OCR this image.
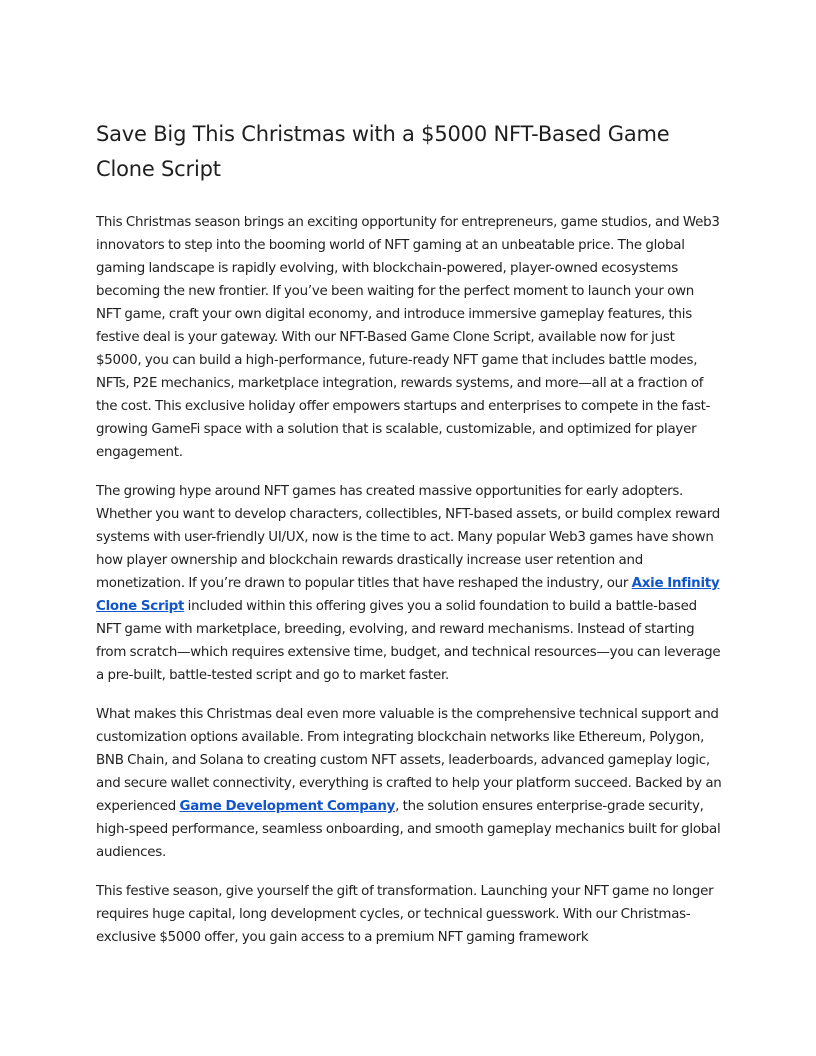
Save Big This Christmas with a $5000 NFT-Based Game Clone Script

This Christmas season brings an exciting opportunity for entrepreneurs, game studios, and Web3 innovators to step into the booming world of NFT gaming at an unbeatable price. The global gaming landscape is rapidly evolving, with blockchain-powered, player-owned ecosystems becoming the new frontier. If you’ve been waiting for the perfect moment to launch your own NFT game, craft your own digital economy, and introduce immersive gameplay features, this festive deal is your gateway. With our NFT-Based Game Clone Script, available now for just $5000, you can build a high-performance, future-ready NFT game that includes battle modes, NFTs, P2E mechanics, marketplace integration, rewards systems, and more—all at a fraction of the cost. This exclusive holiday offer empowers startups and enterprises to compete in the fast-growing GameFi space with a solution that is scalable, customizable, and optimized for player engagement.

The growing hype around NFT games has created massive opportunities for early adopters. Whether you want to develop characters, collectibles, NFT-based assets, or build complex reward systems with user-friendly UI/UX, now is the time to act. Many popular Web3 games have shown how player ownership and blockchain rewards drastically increase user retention and monetization. If you’re drawn to popular titles that have reshaped the industry, our Axie Infinity Clone Script included within this offering gives you a solid foundation to build a battle-based NFT game with marketplace, breeding, evolving, and reward mechanisms. Instead of starting from scratch—which requires extensive time, budget, and technical resources—you can leverage a pre-built, battle-tested script and go to market faster.

What makes this Christmas deal even more valuable is the comprehensive technical support and customization options available. From integrating blockchain networks like Ethereum, Polygon, BNB Chain, and Solana to creating custom NFT assets, leaderboards, advanced gameplay logic, and secure wallet connectivity, everything is crafted to help your platform succeed. Backed by an experienced Game Development Company, the solution ensures enterprise-grade security, high-speed performance, seamless onboarding, and smooth gameplay mechanics built for global audiences.

This festive season, give yourself the gift of transformation. Launching your NFT game no longer requires huge capital, long development cycles, or technical guesswork. With our Christmas-exclusive $5000 offer, you gain access to a premium NFT gaming framework
